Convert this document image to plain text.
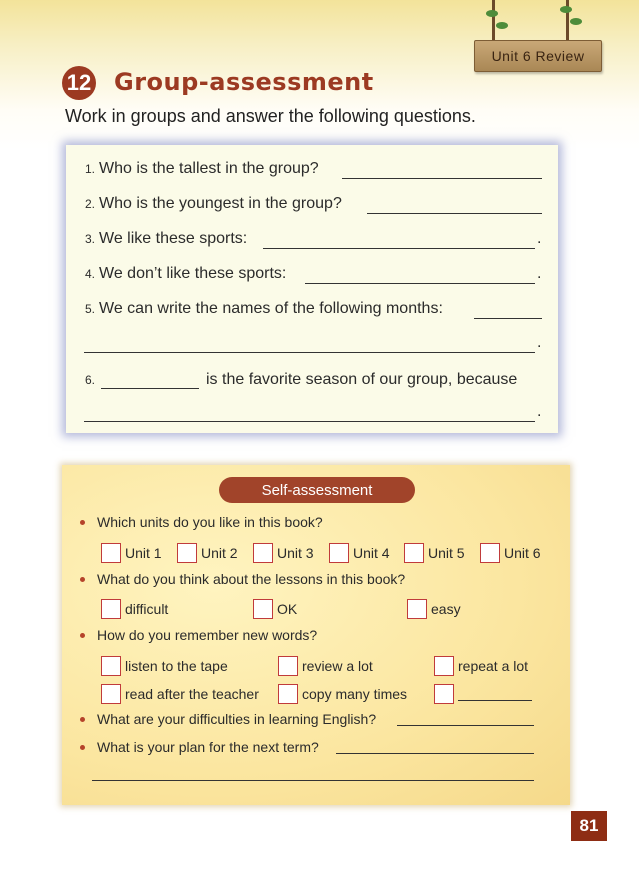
Unit 6 Review
12 Group-assessment
Work in groups and answer the following questions.
1. Who is the tallest in the group?
2. Who is the youngest in the group?
3. We like these sports:	.
4. We don’t like these sports:	.
5. We can write the names of the following months:
.
6.	is the favorite season of our group, because
.
Self-assessment
Which units do you like in this book?
Unit 1	Unit 2	Unit 3	Unit 4	Unit 5	Unit 6
What do you think about the lessons in this book?
difficult	OK	easy
How do you remember new words?
listen to the tape	review a lot	repeat a lot
read after the teacher	copy many times
What are your difficulties in learning English?
What is your plan for the next term?
81
